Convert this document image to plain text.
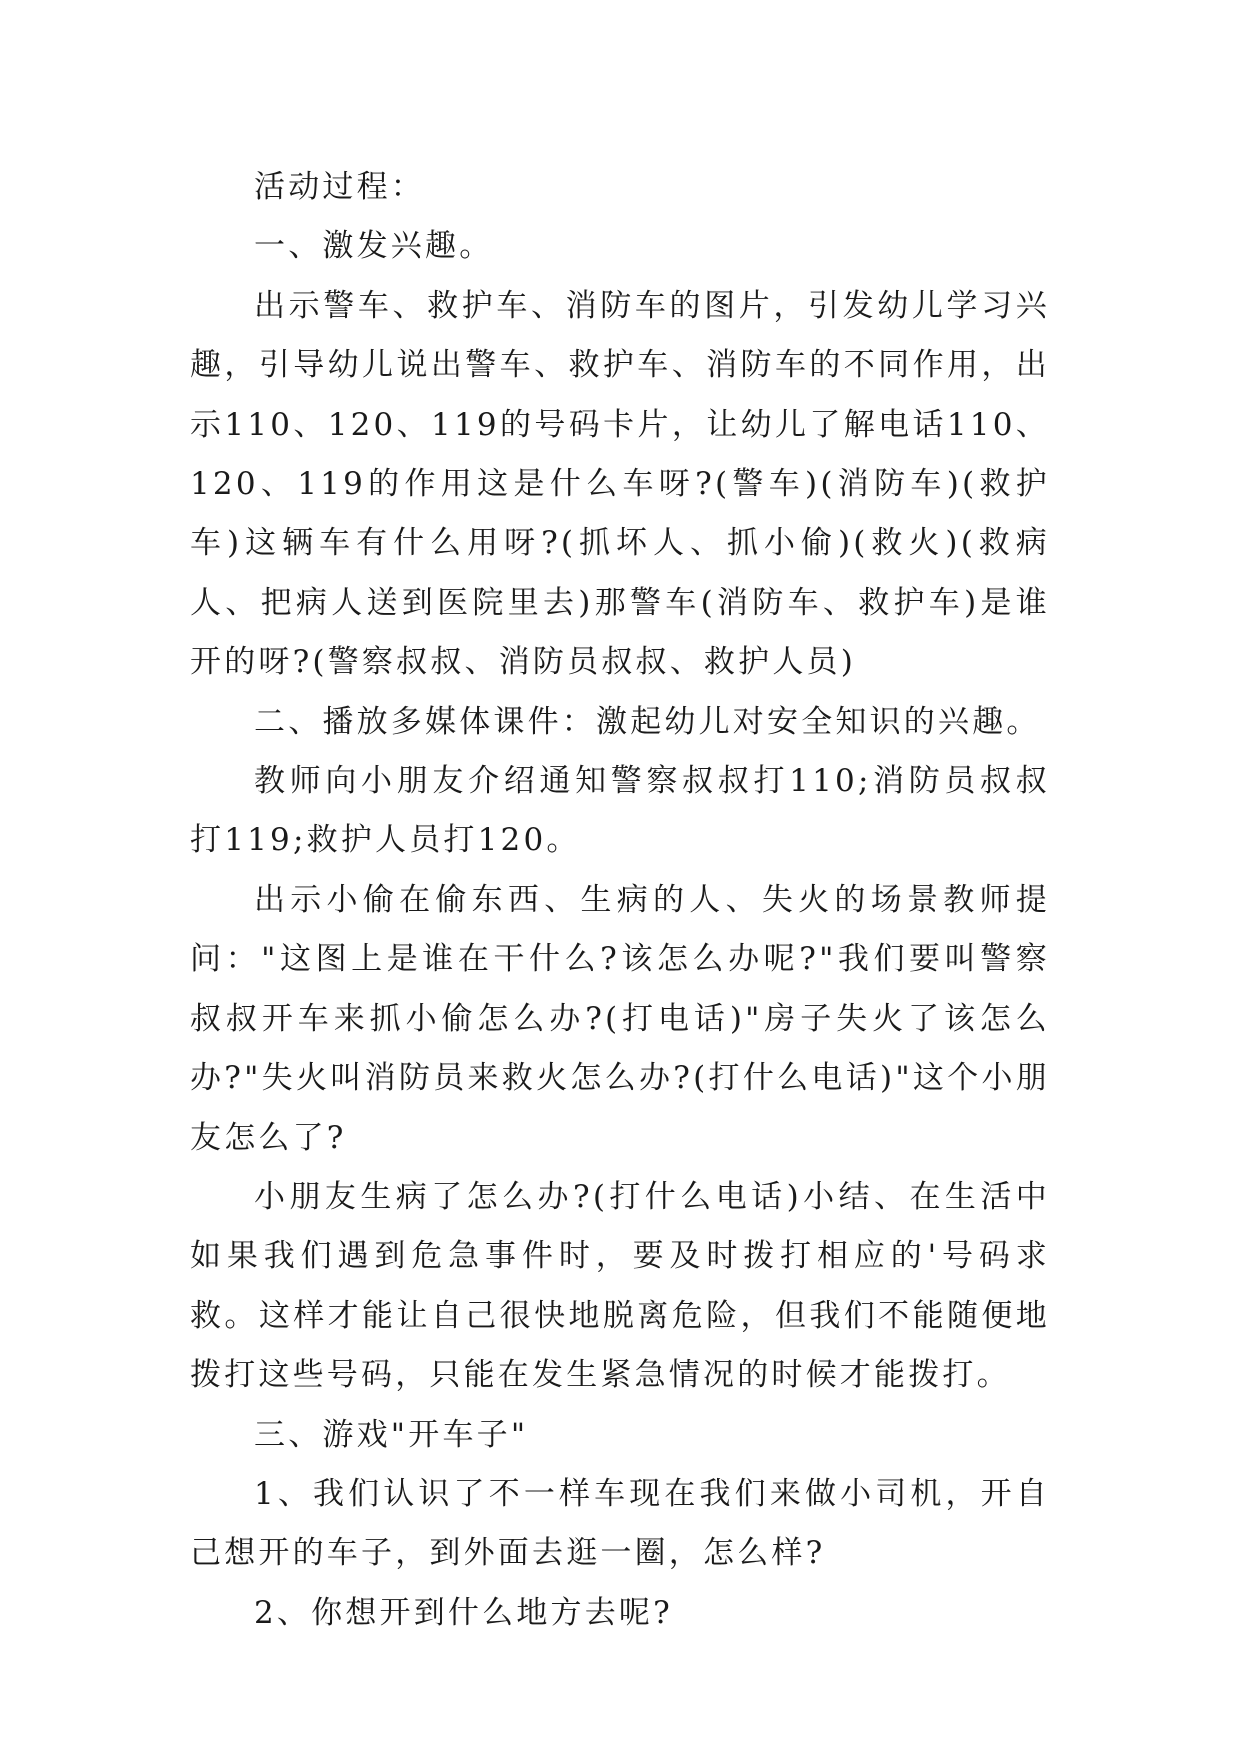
活动过程：

一、激发兴趣。

出示警车、救护车、消防车的图片，引发幼儿学习兴趣，引导幼儿说出警车、救护车、消防车的不同作用，出示110、120、119的号码卡片，让幼儿了解电话110、120、119的作用这是什么车呀?(警车)(消防车)(救护车)这辆车有什么用呀?(抓坏人、抓小偷)(救火)(救病人、把病人送到医院里去)那警车(消防车、救护车)是谁开的呀?(警察叔叔、消防员叔叔、救护人员)

二、播放多媒体课件：激起幼儿对安全知识的兴趣。

教师向小朋友介绍通知警察叔叔打110;消防员叔叔打119;救护人员打120。

出示小偷在偷东西、生病的人、失火的场景教师提问："这图上是谁在干什么?该怎么办呢?"我们要叫警察叔叔开车来抓小偷怎么办?(打电话)"房子失火了该怎么办?"失火叫消防员来救火怎么办?(打什么电话)"这个小朋友怎么了?

小朋友生病了怎么办?(打什么电话)小结、在生活中如果我们遇到危急事件时，要及时拨打相应的'号码求救。这样才能让自己很快地脱离危险，但我们不能随便地拨打这些号码，只能在发生紧急情况的时候才能拨打。

三、游戏"开车子"

1、我们认识了不一样车现在我们来做小司机，开自己想开的车子，到外面去逛一圈，怎么样?

2、你想开到什么地方去呢?
